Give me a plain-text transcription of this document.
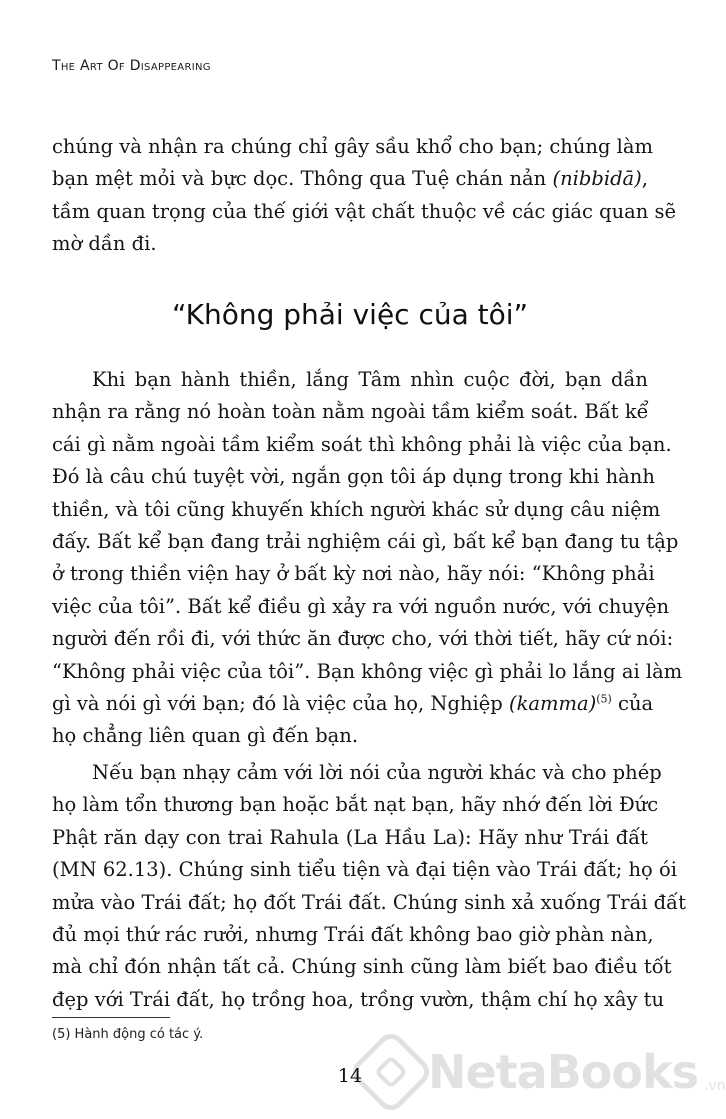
The Art Of Disappearing
chúng và nhận ra chúng chỉ gây sầu khổ cho bạn; chúng làm
bạn mệt mỏi và bực dọc. Thông qua Tuệ chán nản (nibbidā),
tầm quan trọng của thế giới vật chất thuộc về các giác quan sẽ
mờ dần đi.
“Không phải việc của tôi”
Khi bạn hành thiền, lắng Tâm nhìn cuộc đời, bạn dần
nhận ra rằng nó hoàn toàn nằm ngoài tầm kiểm soát. Bất kể
cái gì nằm ngoài tầm kiểm soát thì không phải là việc của bạn.
Đó là câu chú tuyệt vời, ngắn gọn tôi áp dụng trong khi hành
thiền, và tôi cũng khuyến khích người khác sử dụng câu niệm
đấy. Bất kể bạn đang trải nghiệm cái gì, bất kể bạn đang tu tập
ở trong thiền viện hay ở bất kỳ nơi nào, hãy nói: “Không phải
việc của tôi”. Bất kể điều gì xảy ra với nguồn nước, với chuyện
người đến rồi đi, với thức ăn được cho, với thời tiết, hãy cứ nói:
“Không phải việc của tôi”. Bạn không việc gì phải lo lắng ai làm
gì và nói gì với bạn; đó là việc của họ, Nghiệp (kamma)$^{(5)}$ của
họ chẳng liên quan gì đến bạn.
Nếu bạn nhạy cảm với lời nói của người khác và cho phép
họ làm tổn thương bạn hoặc bắt nạt bạn, hãy nhớ đến lời Đức
Phật răn dạy con trai Rahula (La Hầu La): Hãy như Trái đất
(MN 62.13). Chúng sinh tiểu tiện và đại tiện vào Trái đất; họ ói
mửa vào Trái đất; họ đốt Trái đất. Chúng sinh xả xuống Trái đất
đủ mọi thứ rác rưởi, nhưng Trái đất không bao giờ phàn nàn,
mà chỉ đón nhận tất cả. Chúng sinh cũng làm biết bao điều tốt
đẹp với Trái đất, họ trồng hoa, trồng vườn, thậm chí họ xây tu
(5) Hành động có tác ý.
NetaBooks .vn
14
